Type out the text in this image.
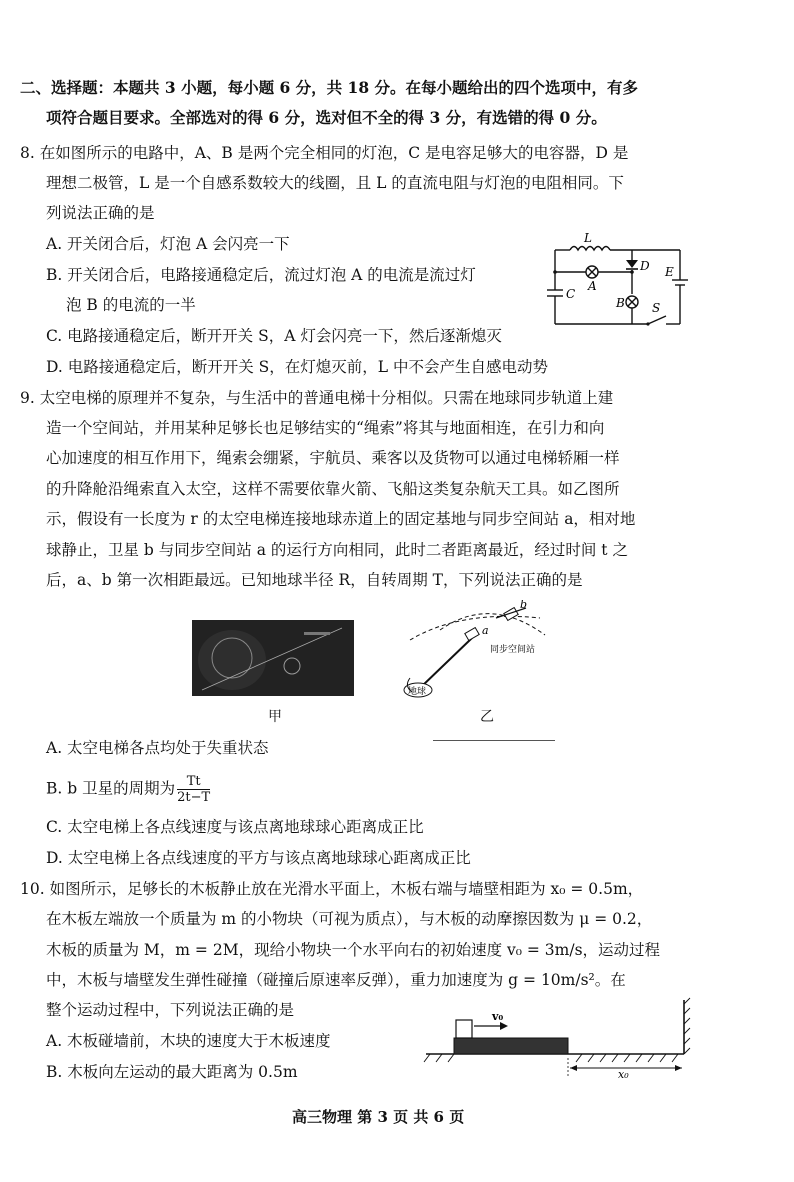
二、选择题：本题共 3 小题，每小题 6 分，共 18 分。在每小题给出的四个选项中，有多
项符合题目要求。全部选对的得 6 分，选对但不全的得 3 分，有选错的得 0 分。
8. 在如图所示的电路中，A、B 是两个完全相同的灯泡，C 是电容足够大的电容器，D 是
理想二极管，L 是一个自感系数较大的线圈，且 L 的直流电阻与灯泡的电阻相同。下
列说法正确的是
A. 开关闭合后，灯泡 A 会闪亮一下
B. 开关闭合后，电路接通稳定后，流过灯泡 A 的电流是流过灯
泡 B 的电流的一半
C. 电路接通稳定后，断开开关 S，A 灯会闪亮一下，然后逐渐熄灭
D. 电路接通稳定后，断开开关 S，在灯熄灭前，L 中不会产生自感电动势
L
D E
C
A
B S
9. 太空电梯的原理并不复杂，与生活中的普通电梯十分相似。只需在地球同步轨道上建
造一个空间站，并用某种足够长也足够结实的“绳索”将其与地面相连，在引力和向
心加速度的相互作用下，绳索会绷紧，宇航员、乘客以及货物可以通过电梯轿厢一样
的升降舱沿绳索直入太空，这样不需要依靠火箭、飞船这类复杂航天工具。如乙图所
示，假设有一长度为 r 的太空电梯连接地球赤道上的固定基地与同步空间站 a，相对地
球静止，卫星 b 与同步空间站 a 的运行方向相同，此时二者距离最近，经过时间 t 之
后，a、b 第一次相距最远。已知地球半径 R，自转周期 T，下列说法正确的是
甲
地球
a
同步空间站
b
乙
A. 太空电梯各点均处于失重状态
B. b 卫星的周期为 $\frac{Tt}{2t-T}$
C. 太空电梯上各点线速度与该点离地球球心距离成正比
D. 太空电梯上各点线速度的平方与该点离地球球心距离成正比
10. 如图所示，足够长的木板静止放在光滑水平面上，木板右端与墙壁相距为 x₀ = 0.5m，
在木板左端放一个质量为 m 的小物块（可视为质点），与木板的动摩擦因数为 μ = 0.2，
木板的质量为 M，m = 2M，现给小物块一个水平向右的初始速度 v₀ = 3m/s，运动过程
中，木板与墙壁发生弹性碰撞（碰撞后原速率反弹），重力加速度为 g = 10m/s²。在
整个运动过程中，下列说法正确的是
A. 木板碰墙前，木块的速度大于木板速度
B. 木板向左运动的最大距离为 0.5m
v₀
x₀
高三物理 第 3 页 共 6 页
